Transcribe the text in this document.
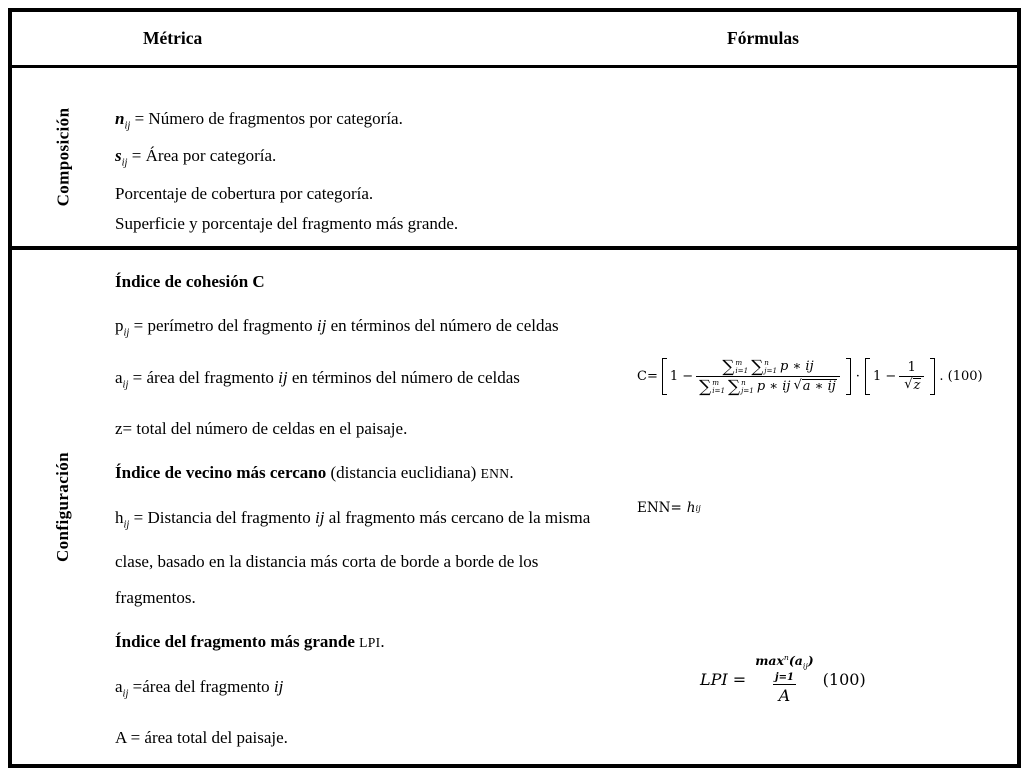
Métrica	Fórmulas
Composición	$n_{ij}$ = Número de fragmentos por categoría.
$s_{ij}$ = Área por categoría.
Porcentaje de cobertura por categoría.
Superficie y porcentaje del fragmento más grande.
Configuración
Índice de cohesión C
$p_{ij}$ = perímetro del fragmento ij en términos del número de celdas
$a_{ij}$ = área del fragmento ij en términos del número de celdas
z= total del número de celdas en el paisaje.
Índice de vecino más cercano (distancia euclidiana) ENN.
$h_{ij}$ = Distancia del fragmento ij al fragmento más cercano de la misma clase, basado en la distancia más corta de borde a borde de los fragmentos.
Índice del fragmento más grande LPI.
$a_{ij}$ =área del fragmento ij
A = área total del paisaje.
C= 1 −
∑ m
i=1 ∑ n
j=1 p ∗ ij
∑ m
i=1 ∑ n
j=1 p ∗ ij √ a ∗ ij
· $1 - \frac{1}{√ z}$ . (100)
ENN= h ij
LPI = $\max^n(a_{ij})$
j=1
A (100)
